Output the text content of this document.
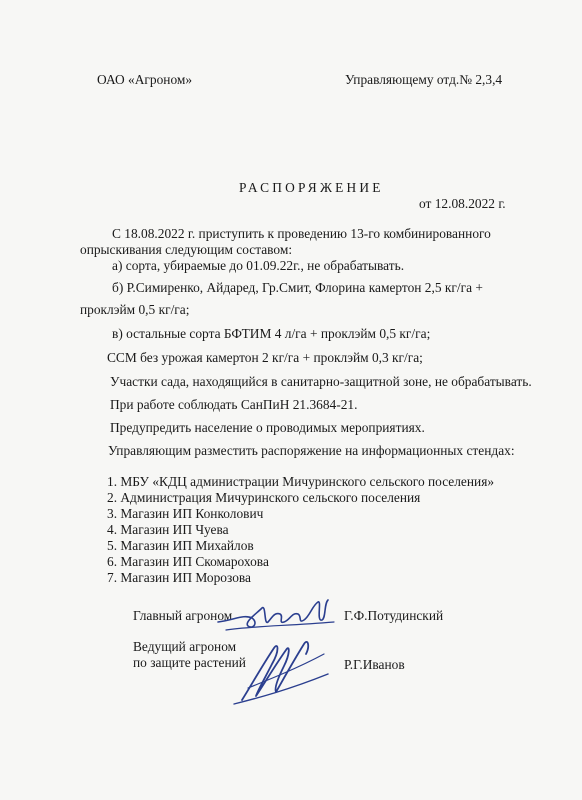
ОАО «Агроном»	Управляющему отд.№ 2,3,4
РАСПОРЯЖЕНИЕ
от 12.08.2022 г.
С 18.08.2022 г. приступить к проведению 13-го комбинированного
опрыскивания следующим составом:
а) сорта, убираемые до 01.09.22г., не обрабатывать.
б) Р.Симиренко, Айдаред, Гр.Смит, Флорина камертон 2,5 кг/га +
проклэйм 0,5 кг/га;
в) остальные сорта БФТИМ 4 л/га + проклэйм 0,5 кг/га;
ССМ без урожая камертон 2 кг/га + проклэйм 0,3 кг/га;
Участки сада, находящийся в санитарно-защитной зоне, не обрабатывать.
При работе соблюдать СанПиН 21.3684-21.
Предупредить население о проводимых мероприятиях.
Управляющим разместить распоряжение на информационных стендах:
1. МБУ «КДЦ администрации Мичуринского сельского поселения»
2. Администрация Мичуринского сельского поселения
3. Магазин ИП Конколович
4. Магазин ИП Чуева
5. Магазин ИП Михайлов
6. Магазин ИП Скомарохова
7. Магазин ИП Морозова
Главный агроном	Г.Ф.Потудинский
Ведущий агроном
по защите растений	Р.Г.Иванов
